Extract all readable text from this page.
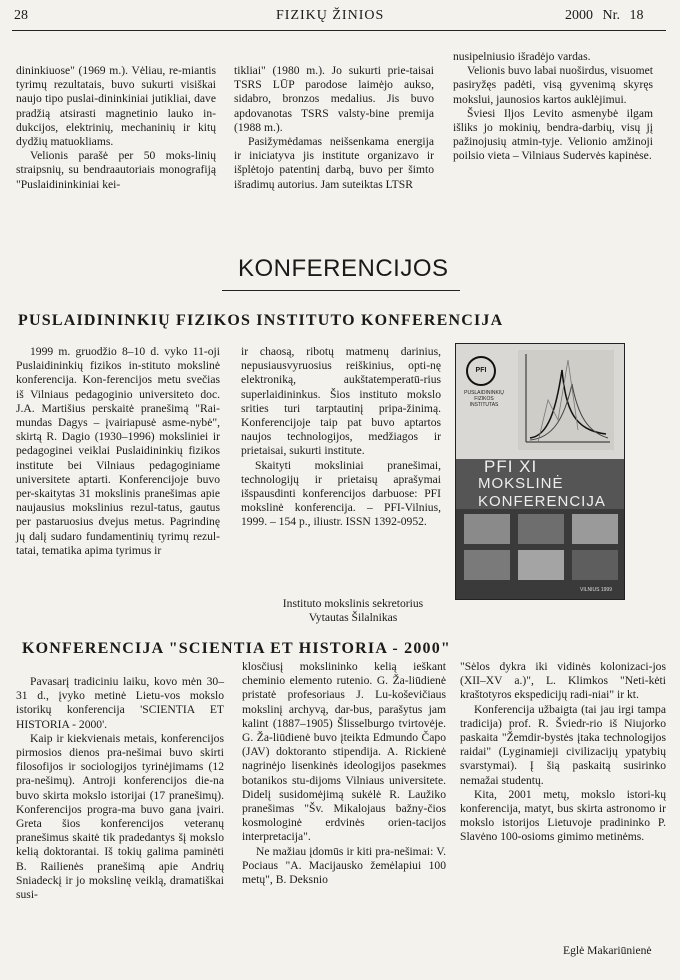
28	FIZIKŲ ŽINIOS	2000 Nr. 18

dininkiuose" (1969 m.). Vėliau, re-miantis tyrimų rezultatais, buvo sukurti visiškai naujo tipo puslai-dininkiniai jutikliai, dave pradžią atsirasti magnetinio lauko in-dukcijos, elektrinių, mechaninių ir kitų dydžių matuokliams.

Velionis parašė per 50 moks-linių straipsnių, su bendraautoriais monografiją "Puslaidininkiniai kei-

tikliai" (1980 m.). Jo sukurti prie-taisai TSRS LŪP parodose laimėjo aukso, sidabro, bronzos medalius. Jis buvo apdovanotas TSRS valsty-bine premija (1988 m.).

Pasižymėdamas neišsenkama energija ir iniciatyva jis institute organizavo ir išplėtojo patentinį darbą, buvo per šimto išradimų autorius. Jam suteiktas LTSR

nusipelniusio išradėjo vardas.

Velionis buvo labai nuoširdus, visuomet pasiryžęs padėti, visą gyvenimą skyręs mokslui, jaunosios kartos auklėjimui.

Šviesi Iljos Levito asmenybė ilgam išliks jo mokinių, bendra-darbių, visų jį pažinojusių atmin-tyje. Velionio amžinoji poilsio vieta – Vilniaus Sudervės kapinėse.

KONFERENCIJOS
PUSLAIDININKIŲ FIZIKOS INSTITUTO KONFERENCIJA

1999 m. gruodžio 8–10 d. vyko 11-oji Puslaidininkių fizikos in-stituto mokslinė konferencija. Kon-ferencijos metu svečias iš Vilniaus pedagoginio universiteto doc. J.A. Martišius perskaitė pranešimą "Rai-mundas Dagys – įvairiapusė asme-nybė", skirtą R. Dagio (1930–1996) moksliniei ir pedagoginei veiklai Puslaidininkių fizikos institute bei Vilniaus pedagoginiame universitete aptarti. Konferencijoje buvo per-skaitytas 31 mokslinis pranešimas apie naujausius mokslinius rezul-tatus, gautus per pastaruosius dvejus metus. Pagrindinę jų dalį sudaro fundamentinių tyrimų rezul-tatai, tematika apima tyrimus ir

ir chaosą, ribotų matmenų darinius, nepusiausvyruosius reiškinius, opti-nę elektroniką, aukštatemperatū-rius superlaidininkus. Šios instituto mokslo srities turi tarptautinį pripa-žinimą. Konferencijoje taip pat buvo aptartos naujos technologijos, medžiagos ir prietaisai, sukurti institute.

Skaityti moksliniai pranešimai, technologijų ir prietaisų aprašymai išspausdinti konferencijos darbuose: PFI mokslinė konferencija. – PFI-Vilnius, 1999. – 154 p., iliustr. ISSN 1392-0952.

Instituto mokslinis sekretorius
Vytautas Šilalnikas
PFI
PUSLAIDININKIŲ FIZIKOS INSTITUTAS
PFI XI
MOKSLINĖ
KONFERENCIJA
VILNIUS 1999
KONFERENCIJA "SCIENTIA ET HISTORIA - 2000"

Pavasarį tradiciniu laiku, kovo mėn 30–31 d., įvyko metinė Lietu-vos mokslo istorikų konferencija 'SCIENTIA ET HISTORIA - 2000'.

Kaip ir kiekvienais metais, konferencijos pirmosios dienos pra-nešimai buvo skirti filosofijos ir sociologijos tyrinėjimams (12 pra-nešimų). Antroji konferencijos die-na buvo skirta mokslo istorijai (17 pranešimų). Konferencijos progra-ma buvo gana įvairi. Greta šios konferencijos veteranų pranešimus skaitė tik pradedantys šį mokslo kelią doktorantai. Iš tokių galima paminėti B. Railienės pranešimą apie Andrių Sniadeckį ir jo mokslinę veiklą, dramatiškai susi-

klosčiusį mokslininko kelią ieškant cheminio elemento rutenio. G. Ža-liūdienė pristatė profesoriaus J. Lu-koševičiaus mokslinį archyvą, dar-bus, parašytus jam kalint (1887–1905) Šlisselburgo tvirtovėje. G. Ža-liūdienė buvo įteikta Edmundo Čapo (JAV) doktoranto stipendija. A. Rickienė nagrinėjo lisenkinės ideologijos pasekmes botanikos stu-dijoms Vilniaus universitete. Didelį susidomėjimą sukėlė R. Laužiko pranešimas "Šv. Mikalojaus bažny-čios kosmologinė erdvinės orien-tacijos interpretacija".

Ne mažiau įdomūs ir kiti pra-nešimai: V. Pociaus "A. Macijausko žemėlapiui 100 metų", B. Deksnio

"Sėlos dykra iki vidinės kolonizaci-jos (XII–XV a.)", L. Klimkos "Neti-kėti kraštotyros ekspedicijų radi-niai" ir kt.

Konferencija užbaigta (tai jau irgi tampa tradicija) prof. R. Šviedr-rio iš Niujorko paskaita "Žemdir-bystės įtaka technologijos raidai" (Lyginamieji civilizacijų ypatybių svarstymai). Į šią paskaitą susirinko nemažai studentų.

Kita, 2001 metų, mokslo istori-kų konferencija, matyt, bus skirta astronomo ir mokslo istorijos Lietuvoje pradininko P. Slavėno 100-osioms gimimo metinėms.

Eglė Makariūnienė
